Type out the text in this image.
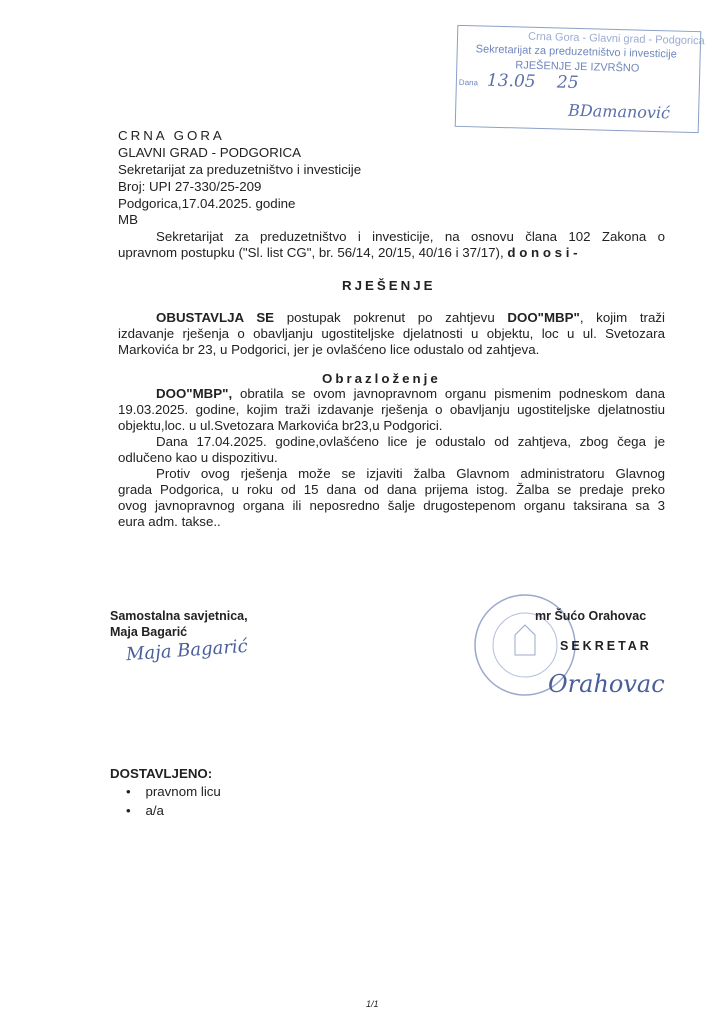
Crna Gora - Glavni grad - Podgorica
Sekretarijat za preduzetništvo i investicije
RJEŠENJE JE IZVRŠNO
Dana 13.05 25
BDamanović
CRNA GORA
GLAVNI GRAD - PODGORICA
Sekretarijat za preduzetništvo i investicije
Broj: UPI 27-330/25-209
Podgorica,17.04.2025. godine
MB
Sekretarijat za preduzetništvo i investicije, na osnovu člana 102 Zakona o
upravnom postupku ("Sl. list CG", br. 56/14, 20/15, 40/16 i 37/17), d o n o s i -
RJEŠENJE
OBUSTAVLJA SE postupak pokrenut po zahtjevu DOO"MBP", kojim traži
izdavanje rješenja o obavljanju ugostiteljske djelatnosti u objektu, loc u ul. Svetozara
Markovića br 23, u Podgorici, jer je ovlašćeno lice odustalo od zahtjeva.
Obrazloženje
DOO"MBP", obratila se ovom javnopravnom organu pismenim podneskom dana
19.03.2025. godine, kojim traži izdavanje rješenja o obavljanju ugostiteljske djelatnostiu
objektu,loc. u ul.Svetozara Markovića br23,u Podgorici.
Dana 17.04.2025. godine,ovlašćeno lice je odustalo od zahtjeva, zbog čega je
odlučeno kao u dispozitivu.
Protiv ovog rješenja može se izjaviti žalba Glavnom administratoru Glavnog
grada Podgorica, u roku od 15 dana od dana prijema istog. Žalba se predaje preko
ovog javnopravnog organa ili neposredno šalje drugostepenom organu taksirana sa 3
eura adm. takse..
Samostalna savjetnica,
Maja Bagarić
Maja Bagarić
mr Šućo Orahovac
SEKRETAR
Orahovac
DOSTAVLJENO:
•    pravnom licu
•    a/a
1/1
